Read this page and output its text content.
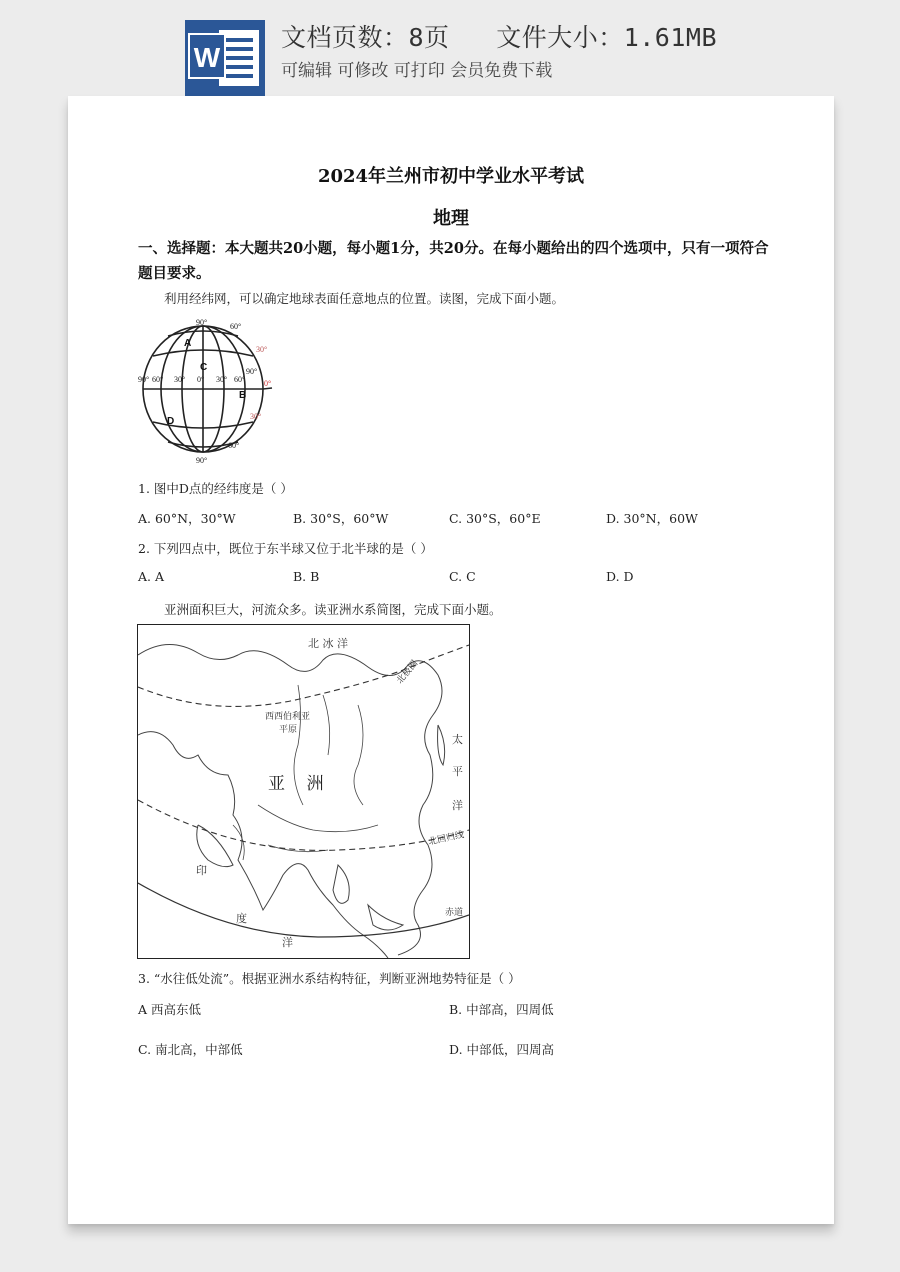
W
文档页数：8页   文件大小：1.61MB
可编辑 可修改 可打印 会员免费下载
2024年兰州市初中学业水平考试
地理
一、选择题：本大题共20小题，每小题1分，共20分。在每小题给出的四个选项中，只有一项符合题目要求。
利用经纬网，可以确定地球表面任意地点的位置。读图，完成下面小题。
90°	60°
30°
0°
30°
60°
90°
90° 60° 30° 0° 30° 60°
90°
A
C
B
D
1. 图中D点的经纬度是（ ）
A. 60°N，30°W	B. 30°S，60°W	C. 30°S，60°E	D. 30°N，60W
2. 下列四点中，既位于东半球又位于北半球的是（ ）
A. A	B. B	C. C	D. D
亚洲面积巨大，河流众多。读亚洲水系简图，完成下面小题。
北 冰 洋
北极圈
西西伯利亚
平原
亚    洲
太
平
洋
北回归线
印
度
洋
赤道
3. “水往低处流”。根据亚洲水系结构特征，判断亚洲地势特征是（ ）
A 西高东低	B. 中部高，四周低
C. 南北高，中部低	D. 中部低，四周高
